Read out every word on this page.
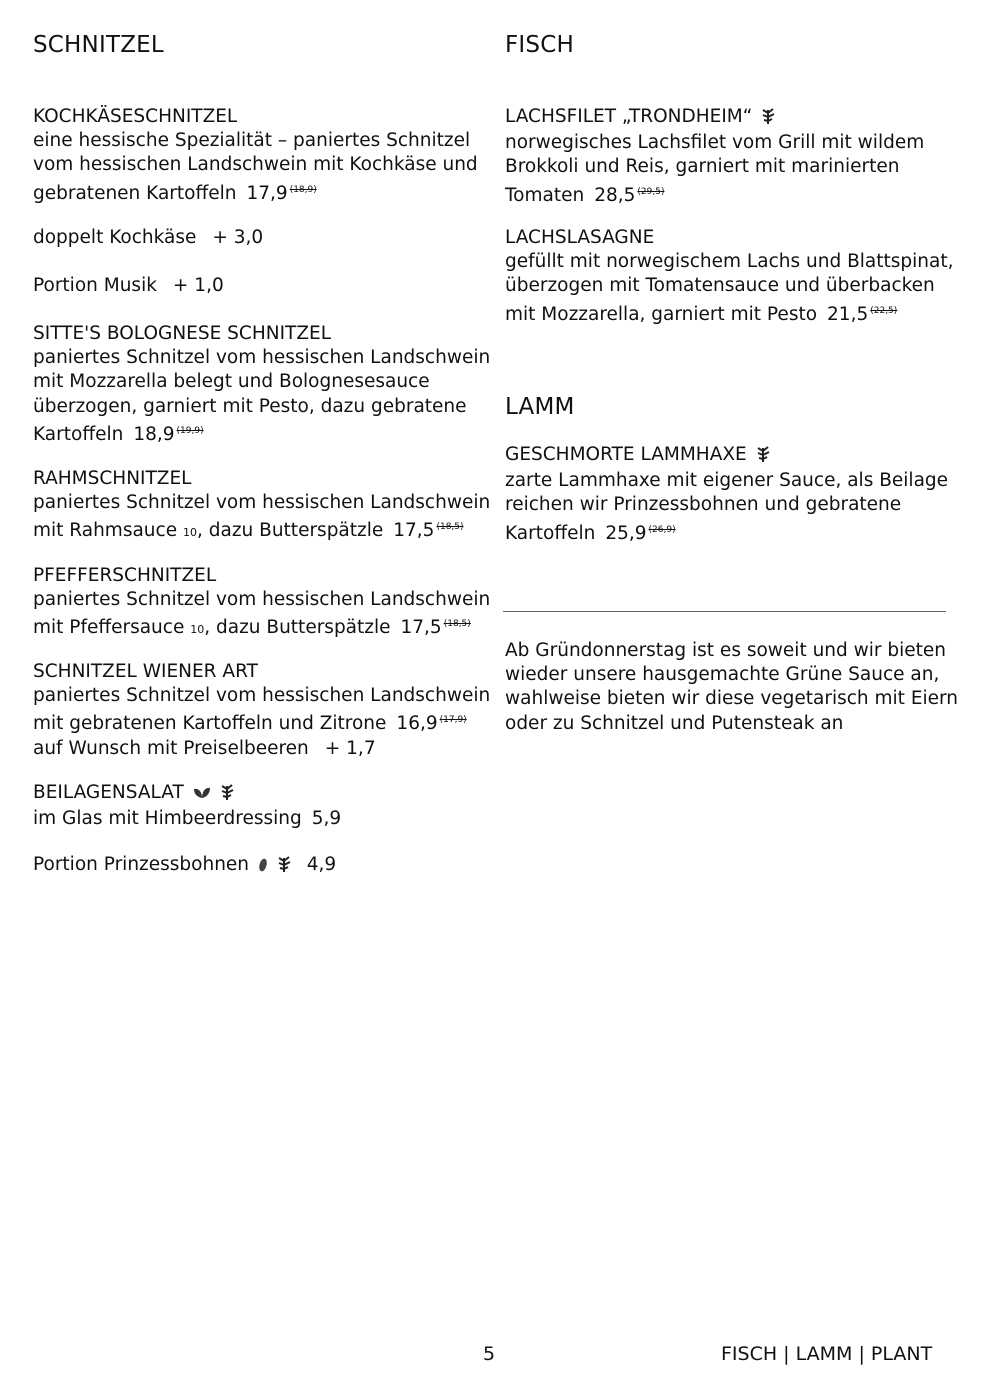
SCHNITZEL
KOCHKÄSESCHNITZEL
eine hessische Spezialität – paniertes Schnitzel
vom hessischen Landschwein mit Kochkäse und
gebratenen Kartoffeln 17,9 $^{(18,9)}$
doppelt Kochkäse + 3,0
Portion Musik + 1,0
SITTE'S BOLOGNESE SCHNITZEL
paniertes Schnitzel vom hessischen Landschwein
mit Mozzarella belegt und Bolognesesauce
überzogen, garniert mit Pesto, dazu gebratene
Kartoffeln 18,9 $^{(19,9)}$
RAHMSCHNITZEL
paniertes Schnitzel vom hessischen Landschwein
mit Rahmsauce 10, dazu Butterspätzle 17,5 $^{(18,5)}$
PFEFFERSCHNITZEL
paniertes Schnitzel vom hessischen Landschwein
mit Pfeffersauce 10, dazu Butterspätzle 17,5 $^{(18,5)}$
SCHNITZEL WIENER ART
paniertes Schnitzel vom hessischen Landschwein
mit gebratenen Kartoffeln und Zitrone 16,9 $^{(17,9)}$
auf Wunsch mit Preiselbeeren + 1,7
BEILAGENSALAT
im Glas mit Himbeerdressing 5,9
Portion Prinzessbohnen	4,9
FISCH
LACHSFILET „TRONDHEIM“
norwegisches Lachsfilet vom Grill mit wildem
Brokkoli und Reis, garniert mit marinierten
Tomaten 28,5 $^{(29,5)}$
LACHSLASAGNE
gefüllt mit norwegischem Lachs und Blattspinat,
überzogen mit Tomatensauce und überbacken
mit Mozzarella, garniert mit Pesto 21,5 $^{(22,5)}$
LAMM
GESCHMORTE LAMMHAXE
zarte Lammhaxe mit eigener Sauce, als Beilage
reichen wir Prinzessbohnen und gebratene
Kartoffeln 25,9 $^{(26,9)}$
Ab Gründonnerstag ist es soweit und wir bieten
wieder unsere hausgemachte Grüne Sauce an,
wahlweise bieten wir diese vegetarisch mit Eiern
oder zu Schnitzel und Putensteak an
5	FISCH | LAMM | PLANT
